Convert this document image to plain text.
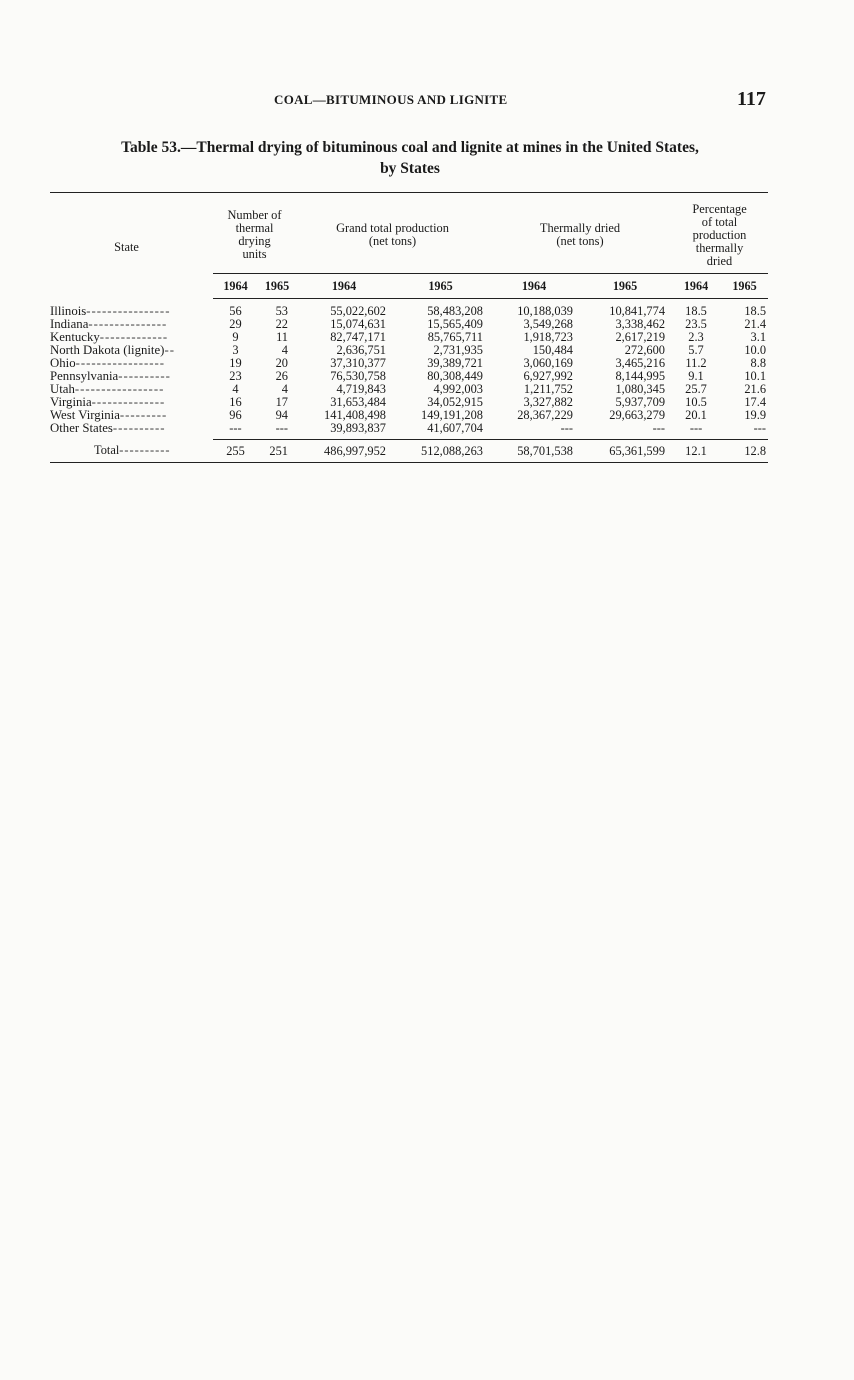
COAL—BITUMINOUS AND LIGNITE	117
Table 53.—Thermal drying of bituminous coal and lignite at mines in the United States,
by States
State	Number of
thermal
drying
units		Grand total production
(net tons)		Thermally dried
(net tons)		Percentage
of total
production
thermally
dried	
	1964	1965	1964	1965	1964	1965	1964	1965
Illinois----------------	56	53	55,022,602	58,483,208	10,188,039	10,841,774	18.5	18.5
Indiana---------------	29	22	15,074,631	15,565,409	3,549,268	3,338,462	23.5	21.4
Kentucky-------------	9	11	82,747,171	85,765,711	1,918,723	2,617,219	2.3	3.1
North Dakota (lignite)--	3	4	2,636,751	2,731,935	150,484	272,600	5.7	10.0
Ohio-----------------	19	20	37,310,377	39,389,721	3,060,169	3,465,216	11.2	8.8
Pennsylvania----------	23	26	76,530,758	80,308,449	6,927,992	8,144,995	9.1	10.1
Utah-----------------	4	4	4,719,843	4,992,003	1,211,752	1,080,345	25.7	21.6
Virginia--------------	16	17	31,653,484	34,052,915	3,327,882	5,937,709	10.5	17.4
West Virginia---------	96	94	141,408,498	149,191,208	28,367,229	29,663,279	20.1	19.9
Other States----------	---	---	39,893,837	41,607,704	---	---	---	---
Total----------	255	251	486,997,952	512,088,263	58,701,538	65,361,599	12.1	12.8
